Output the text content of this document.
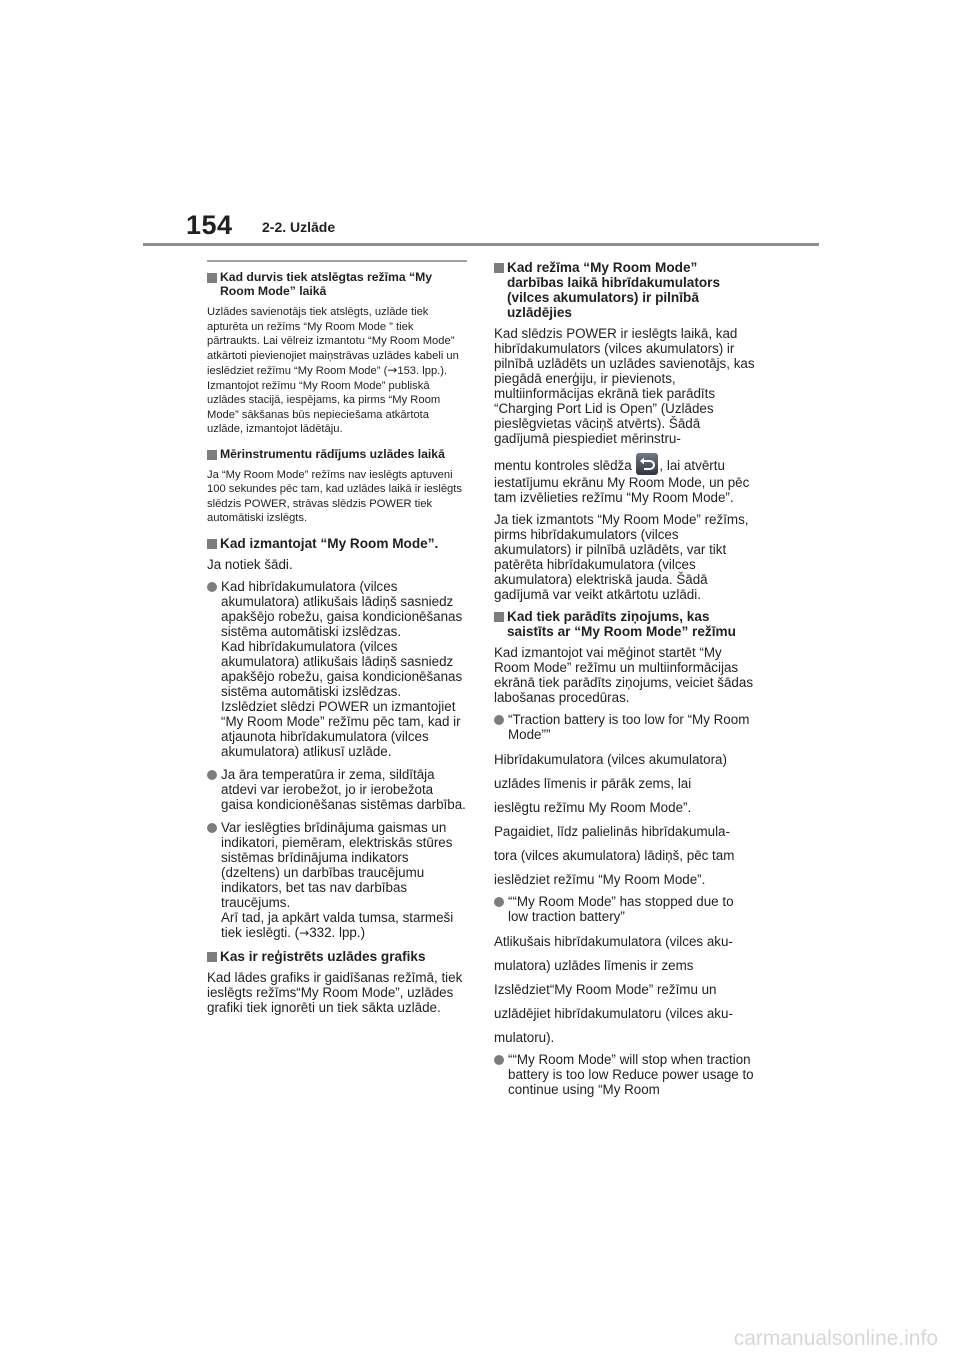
154 2-2. Uzlāde
Kad durvis tiek atslēgtas režīma “My Room Mode” laikā

Uzlādes savienotājs tiek atslēgts, uzlāde tiek apturēta un režīms “My Room Mode ” tiek pārtraukts. Lai vēlreiz izmantotu “My Room Mode” atkārtoti pievienojiet maiņstrāvas uzlādes kabeli un ieslēdziet režīmu “My Room Mode” (→153. lpp.). Izmantojot režīmu “My Room Mode” publiskā uzlādes stacijā, iespējams, ka pirms “My Room Mode” sākšanas būs nepieciešama atkārtota uzlāde, izmantojot lādētāju.

Mērinstrumentu rādījums uzlādes laikā

Ja “My Room Mode” režīms nav ieslēgts aptuveni 100 sekundes pēc tam, kad uzlādes laikā ir ieslēgts slēdzis POWER, strāvas slēdzis POWER tiek automātiski izslēgts.

Kad izmantojat “My Room Mode”.

Ja notiek šādi.

Kad hibrīdakumulatora (vilces akumulatora) atlikušais lādiņš sasniedz apakšējo robežu, gaisa kondicionēšanas sistēma automātiski izslēdzas.
Kad hibrīdakumulatora (vilces akumulatora) atlikušais lādiņš sasniedz apakšējo robežu, gaisa kondicionēšanas sistēma automātiski izslēdzas.
Izslēdziet slēdzi POWER un izmantojiet “My Room Mode” režīmu pēc tam, kad ir atjaunota hibrīdakumulatora (vilces akumulatora) atlikusī uzlāde.
Ja āra temperatūra ir zema, sildītāja atdevi var ierobežot, jo ir ierobežota gaisa kondicionēšanas sistēmas darbība.
Var ieslēgties brīdinājuma gaismas un indikatori, piemēram, elektriskās stūres sistēmas brīdinājuma indikators (dzeltens) un darbības traucējumu indikators, bet tas nav darbības traucējums.
Arī tad, ja apkārt valda tumsa, starmeši tiek ieslēgti. (→332. lpp.)
Kas ir reģistrēts uzlādes grafiks

Kad lādes grafiks ir gaidīšanas režīmā, tiek ieslēgts režīms“My Room Mode”, uzlādes grafiki tiek ignorēti un tiek sākta uzlāde.

Kad režīma “My Room Mode” darbības laikā hibrīdakumulators (vilces akumulators) ir pilnībā uzlādējies

Kad slēdzis POWER ir ieslēgts laikā, kad hibrīdakumulators (vilces akumulators) ir pilnībā uzlādēts un uzlādes savienotājs, kas piegādā enerģiju, ir pievienots, multiinformācijas ekrānā tiek parādīts “Charging Port Lid is Open” (Uzlādes pieslēgvietas vāciņš atvērts). Šādā gadījumā piespiediet mērinstru-

mentu kontroles slēdža
, lai atvērtu iestatījumu ekrānu My Room Mode, un pēc tam izvēlieties režīmu “My Room Mode”.

Ja tiek izmantots “My Room Mode” režīms, pirms hibrīdakumulators (vilces akumulators) ir pilnībā uzlādēts, var tikt patērēta hibrīdakumulatora (vilces akumulatora) elektriskā jauda. Šādā gadījumā var veikt atkārtotu uzlādi.

Kad tiek parādīts ziņojums, kas saistīts ar “My Room Mode” režīmu

Kad izmantojot vai mēģinot startēt “My Room Mode” režīmu un multiinformācijas ekrānā tiek parādīts ziņojums, veiciet šādas labošanas procedūras.

“Traction battery is too low for “My Room Mode””

Hibrīdakumulatora (vilces akumulatora)

uzlādes līmenis ir pārāk zems, lai

ieslēgtu režīmu My Room Mode”.

Pagaidiet, līdz palielinās hibrīdakumula-

tora (vilces akumulatora) lādiņš, pēc tam

ieslēdziet režīmu “My Room Mode”.

““My Room Mode” has stopped due to low traction battery”

Atlikušais hibrīdakumulatora (vilces aku-

mulatora) uzlādes līmenis ir zems

Izslēdziet“My Room Mode” režīmu un

uzlādējiet hibrīdakumulatoru (vilces aku-

mulatoru).

““My Room Mode” will stop when traction battery is too low Reduce power usage to continue using “My Room
carmanualsonline.info
